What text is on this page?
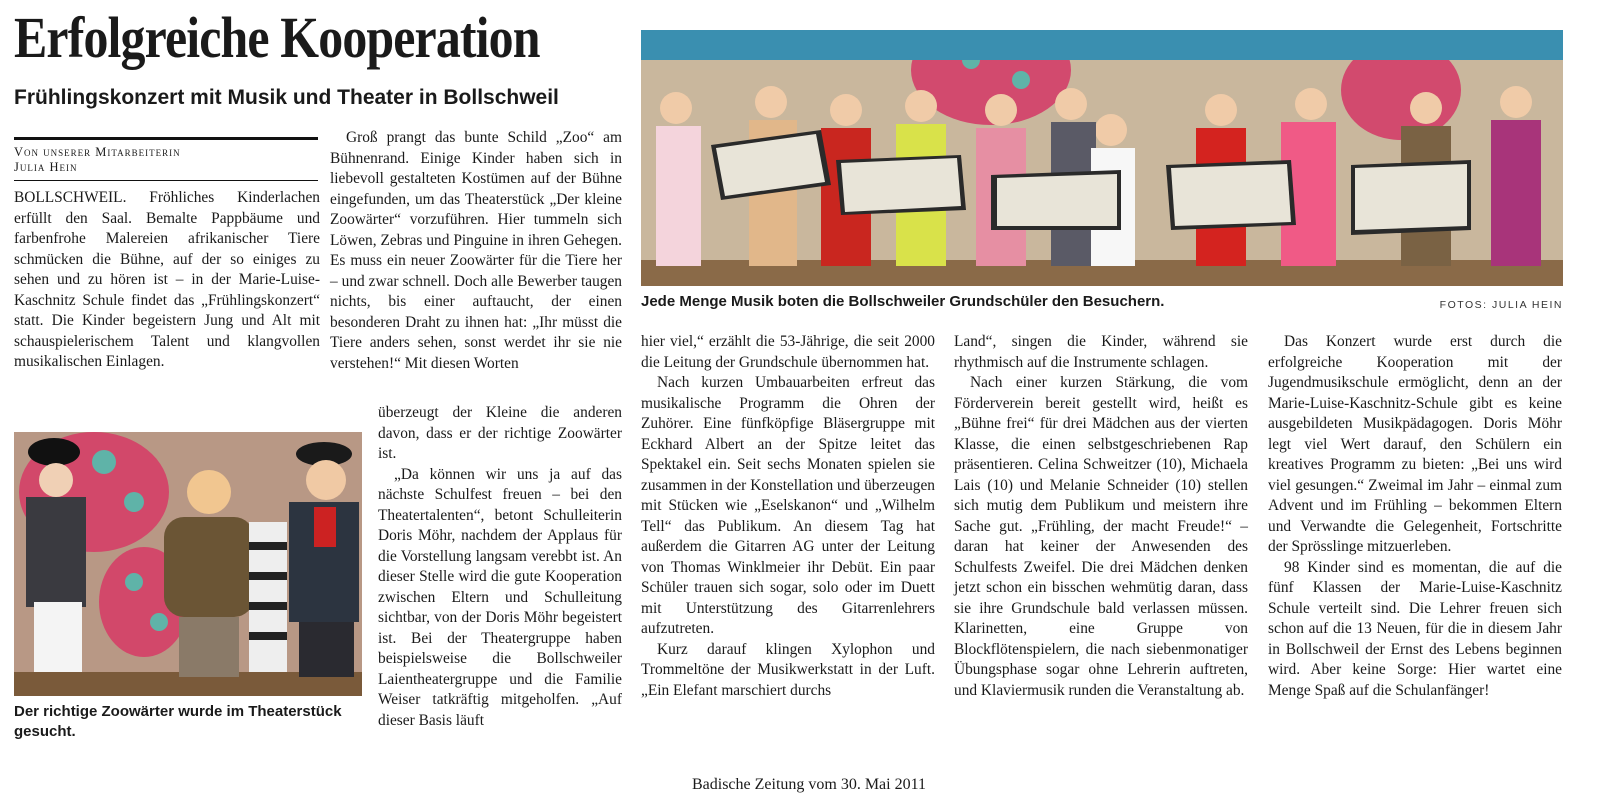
Erfolgreiche Kooperation
Frühlingskonzert mit Musik und Theater in Bollschweil
Von unserer Mitarbeiterin
Julia Hein

BOLLSCHWEIL. Fröhliches Kinderlachen erfüllt den Saal. Bemalte Pappbäume und farbenfrohe Malereien afrikanischer Tiere schmücken die Bühne, auf der so einiges zu sehen und zu hören ist – in der Marie-Luise-Kaschnitz Schule findet das „Frühlingskonzert“ statt. Die Kinder begeistern Jung und Alt mit schauspielerischem Talent und klangvollen musikalischen Einlagen.

Der richtige Zoowärter wurde im Theaterstück gesucht.

Groß prangt das bunte Schild „Zoo“ am Bühnenrand. Einige Kinder haben sich in liebevoll gestalteten Kostümen auf der Bühne eingefunden, um das Theaterstück „Der kleine Zoowärter“ vorzuführen. Hier tummeln sich Löwen, Zebras und Pinguine in ihren Gehegen. Es muss ein neuer Zoowärter für die Tiere her – und zwar schnell. Doch alle Bewerber taugen nichts, bis einer auftaucht, der einen besonderen Draht zu ihnen hat: „Ihr müsst die Tiere anders sehen, sonst werdet ihr sie nie verstehen!“ Mit diesen Worten

überzeugt der Kleine die anderen davon, dass er der richtige Zoowärter ist.

„Da können wir uns ja auf das nächste Schulfest freuen – bei den Theatertalenten“, betont Schulleiterin Doris Möhr, nachdem der Applaus für die Vorstellung langsam verebbt ist. An dieser Stelle wird die gute Kooperation zwischen Eltern und Schulleitung sichtbar, von der Doris Möhr begeistert ist. Bei der Theatergruppe haben beispielsweise die Bollschweiler Laientheatergruppe und die Familie Weiser tatkräftig mitgeholfen. „Auf dieser Basis läuft

Jede Menge Musik boten die Bollschweiler Grundschüler den Besuchern.	FOTOS: JULIA HEIN

hier viel,“ erzählt die 53-Jährige, die seit 2000 die Leitung der Grundschule übernommen hat.

Nach kurzen Umbauarbeiten erfreut das musikalische Programm die Ohren der Zuhörer. Eine fünfköpfige Bläsergruppe mit Eckhard Albert an der Spitze leitet das Spektakel ein. Seit sechs Monaten spielen sie zusammen in der Konstellation und überzeugen mit Stücken wie „Eselskanon“ und „Wilhelm Tell“ das Publikum. An diesem Tag hat außerdem die Gitarren AG unter der Leitung von Thomas Winklmeier ihr Debüt. Ein paar Schüler trauen sich sogar, solo oder im Duett mit Unterstützung des Gitarrenlehrers aufzutreten.

Kurz darauf klingen Xylophon und Trommeltöne der Musikwerkstatt in der Luft. „Ein Elefant marschiert durchs

Land“, singen die Kinder, während sie rhythmisch auf die Instrumente schlagen.

Nach einer kurzen Stärkung, die vom Förderverein bereit gestellt wird, heißt es „Bühne frei“ für drei Mädchen aus der vierten Klasse, die einen selbstgeschriebenen Rap präsentieren. Celina Schweitzer (10), Michaela Lais (10) und Melanie Schneider (10) stellen sich mutig dem Publikum und meistern ihre Sache gut. „Frühling, der macht Freude!“ – daran hat keiner der Anwesenden des Schulfests Zweifel. Die drei Mädchen denken jetzt schon ein bisschen wehmütig daran, dass sie ihre Grundschule bald verlassen müssen. Klarinetten, eine Gruppe von Blockflötenspielern, die nach siebenmonatiger Übungsphase sogar ohne Lehrerin auftreten, und Klaviermusik runden die Veranstaltung ab.

Das Konzert wurde erst durch die erfolgreiche Kooperation mit der Jugendmusikschule ermöglicht, denn an der Marie-Luise-Kaschnitz-Schule gibt es keine ausgebildeten Musikpädagogen. Doris Möhr legt viel Wert darauf, den Schülern ein kreatives Programm zu bieten: „Bei uns wird viel gesungen.“ Zweimal im Jahr – einmal zum Advent und im Frühling – bekommen Eltern und Verwandte die Gelegenheit, Fortschritte der Sprösslinge mitzuerleben.

98 Kinder sind es momentan, die auf die fünf Klassen der Marie-Luise-Kaschnitz Schule verteilt sind. Die Lehrer freuen sich schon auf die 13 Neuen, für die in diesem Jahr in Bollschweil der Ernst des Lebens beginnen wird. Aber keine Sorge: Hier wartet eine Menge Spaß auf die Schulanfänger!

Badische Zeitung vom 30. Mai 2011
